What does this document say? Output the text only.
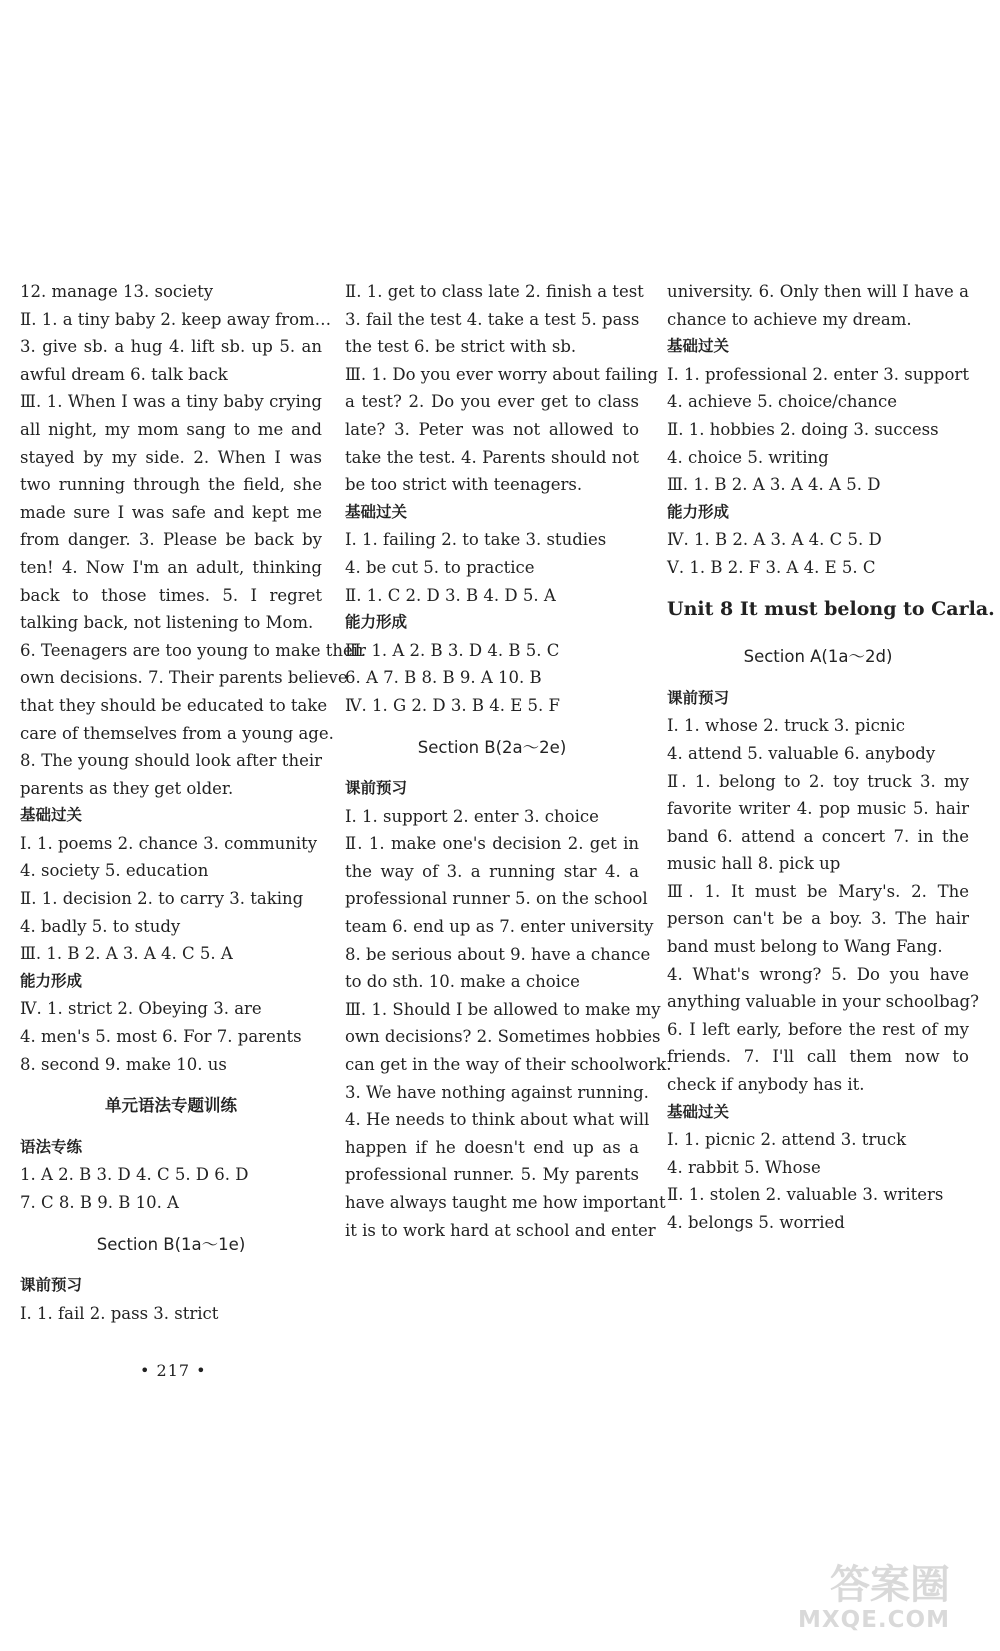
12. manage 13. society
Ⅱ. 1. a tiny baby 2. keep away from…
3. give sb. a hug 4. lift sb. up 5. an
awful dream 6. talk back
Ⅲ. 1. When I was a tiny baby crying
all night, my mom sang to me and
stayed by my side. 2. When I was
two running through the field, she
made sure I was safe and kept me
from danger. 3. Please be back by
ten! 4. Now I'm an adult, thinking
back to those times. 5. I regret
talking back, not listening to Mom.
6. Teenagers are too young to make their
own decisions. 7. Their parents believe
that they should be educated to take
care of themselves from a young age.
8. The young should look after their
parents as they get older.
基础过关
Ⅰ. 1. poems 2. chance 3. community
4. society 5. education
Ⅱ. 1. decision 2. to carry 3. taking
4. badly 5. to study
Ⅲ. 1. B 2. A 3. A 4. C 5. A
能力形成
Ⅳ. 1. strict 2. Obeying 3. are
4. men's 5. most 6. For 7. parents
8. second 9. make 10. us
单元语法专题训练
语法专练
1. A 2. B 3. D 4. C 5. D 6. D
7. C 8. B 9. B 10. A
Section B(1a～1e)
课前预习
Ⅰ. 1. fail 2. pass 3. strict
Ⅱ. 1. get to class late 2. finish a test
3. fail the test 4. take a test 5. pass
the test 6. be strict with sb.
Ⅲ. 1. Do you ever worry about failing
a test? 2. Do you ever get to class
late? 3. Peter was not allowed to
take the test. 4. Parents should not
be too strict with teenagers.
基础过关
Ⅰ. 1. failing 2. to take 3. studies
4. be cut 5. to practice
Ⅱ. 1. C 2. D 3. B 4. D 5. A
能力形成
Ⅲ. 1. A 2. B 3. D 4. B 5. C
6. A 7. B 8. B 9. A 10. B
Ⅳ. 1. G 2. D 3. B 4. E 5. F
Section B(2a～2e)
课前预习
Ⅰ. 1. support 2. enter 3. choice
Ⅱ. 1. make one's decision 2. get in
the way of 3. a running star 4. a
professional runner 5. on the school
team 6. end up as 7. enter university
8. be serious about 9. have a chance
to do sth. 10. make a choice
Ⅲ. 1. Should I be allowed to make my
own decisions? 2. Sometimes hobbies
can get in the way of their schoolwork.
3. We have nothing against running.
4. He needs to think about what will
happen if he doesn't end up as a
professional runner. 5. My parents
have always taught me how important
it is to work hard at school and enter
university. 6. Only then will I have a
chance to achieve my dream.
基础过关
Ⅰ. 1. professional 2. enter 3. support
4. achieve 5. choice/chance
Ⅱ. 1. hobbies 2. doing 3. success
4. choice 5. writing
Ⅲ. 1. B 2. A 3. A 4. A 5. D
能力形成
Ⅳ. 1. B 2. A 3. A 4. C 5. D
Ⅴ. 1. B 2. F 3. A 4. E 5. C
Unit 8 It must belong to Carla.
Section A(1a～2d)
课前预习
Ⅰ. 1. whose 2. truck 3. picnic
4. attend 5. valuable 6. anybody
Ⅱ. 1. belong to 2. toy truck 3. my
favorite writer 4. pop music 5. hair
band 6. attend a concert 7. in the
music hall 8. pick up
Ⅲ. 1. It must be Mary's. 2. The
person can't be a boy. 3. The hair
band must belong to Wang Fang.
4. What's wrong? 5. Do you have
anything valuable in your schoolbag?
6. I left early, before the rest of my
friends. 7. I'll call them now to
check if anybody has it.
基础过关
Ⅰ. 1. picnic 2. attend 3. truck
4. rabbit 5. Whose
Ⅱ. 1. stolen 2. valuable 3. writers
4. belongs 5. worried
• 217 •
答案圈
MXQE.COM
